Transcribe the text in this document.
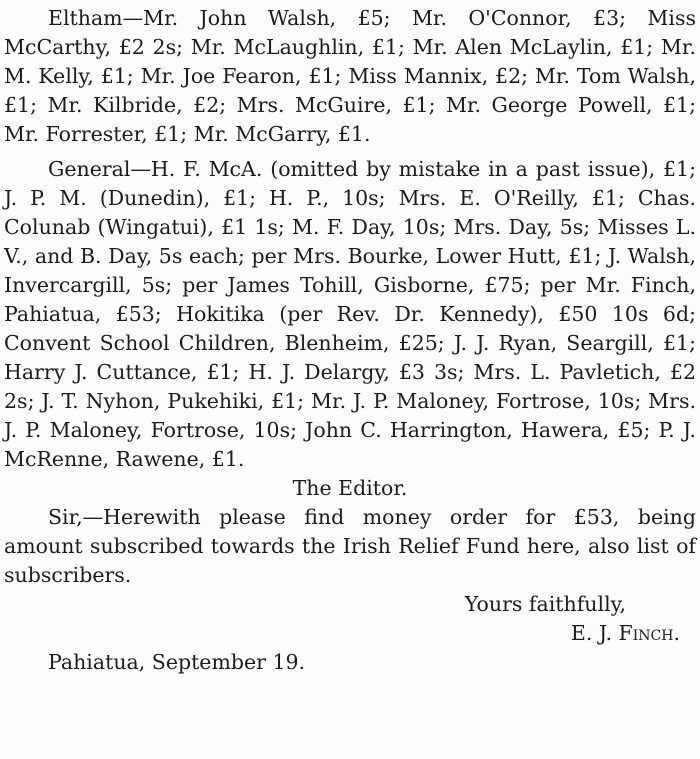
Eltham—Mr. John Walsh, £5; Mr. O'Connor, £3; Miss McCarthy, £2 2s; Mr. McLaughlin, £1; Mr. Alen McLaylin, £1; Mr. M. Kelly, £1; Mr. Joe Fearon, £1; Miss Mannix, £2; Mr. Tom Walsh, £1; Mr. Kilbride, £2; Mrs. McGuire, £1; Mr. George Powell, £1; Mr. Forrester, £1; Mr. McGarry, £1.

General—H. F. McA. (omitted by mistake in a past issue), £1; J. P. M. (Dunedin), £1; H. P., 10s; Mrs. E. O'Reilly, £1; Chas. Colunab (Wingatui), £1 1s; M. F. Day, 10s; Mrs. Day, 5s; Misses L. V., and B. Day, 5s each; per Mrs. Bourke, Lower Hutt, £1; J. Walsh, Invercargill, 5s; per James Tohill, Gisborne, £75; per Mr. Finch, Pahiatua, £53; Hokitika (per Rev. Dr. Kennedy), £50 10s 6d; Convent School Children, Blenheim, £25; J. J. Ryan, Seargill, £1; Harry J. Cuttance, £1; H. J. Delargy, £3 3s; Mrs. L. Pavletich, £2 2s; J. T. Nyhon, Pukehiki, £1; Mr. J. P. Maloney, Fortrose, 10s; Mrs. J. P. Maloney, Fortrose, 10s; John C. Harrington, Hawera, £5; P. J. McRenne, Rawene, £1.

The Editor.

Sir,—Herewith please find money order for £53, being amount subscribed towards the Irish Relief Fund here, also list of subscribers.

Yours faithfully,

E. J. Finch.

Pahiatua, September 19.
